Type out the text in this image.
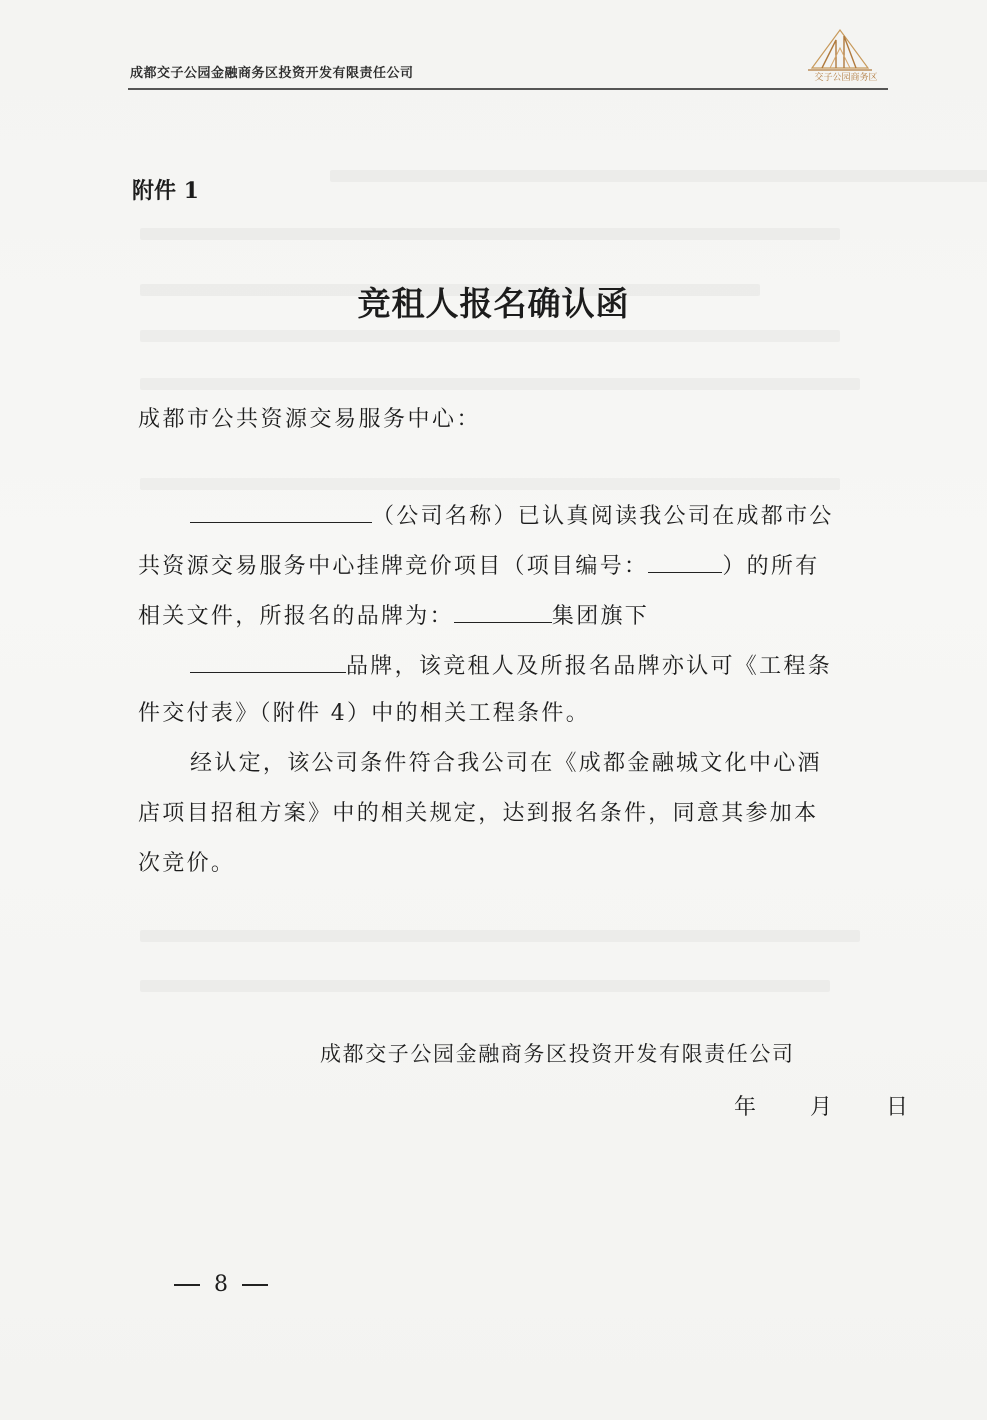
成都交子公园金融商务区投资开发有限责任公司	交子公园商务区
附件 1
竞租人报名确认函
成都市公共资源交易服务中心：
（公司名称）已认真阅读我公司在成都市公
共资源交易服务中心挂牌竞价项目（项目编号：	）的所有
相关文件，所报名的品牌为：	集团旗下
品牌，该竞租人及所报名品牌亦认可《工程条
件交付表》（附件 4）中的相关工程条件。
经认定，该公司条件符合我公司在《成都金融城文化中心酒
店项目招租方案》中的相关规定，达到报名条件，同意其参加本
次竞价。
成都交子公园金融商务区投资开发有限责任公司
年 月 日
8
